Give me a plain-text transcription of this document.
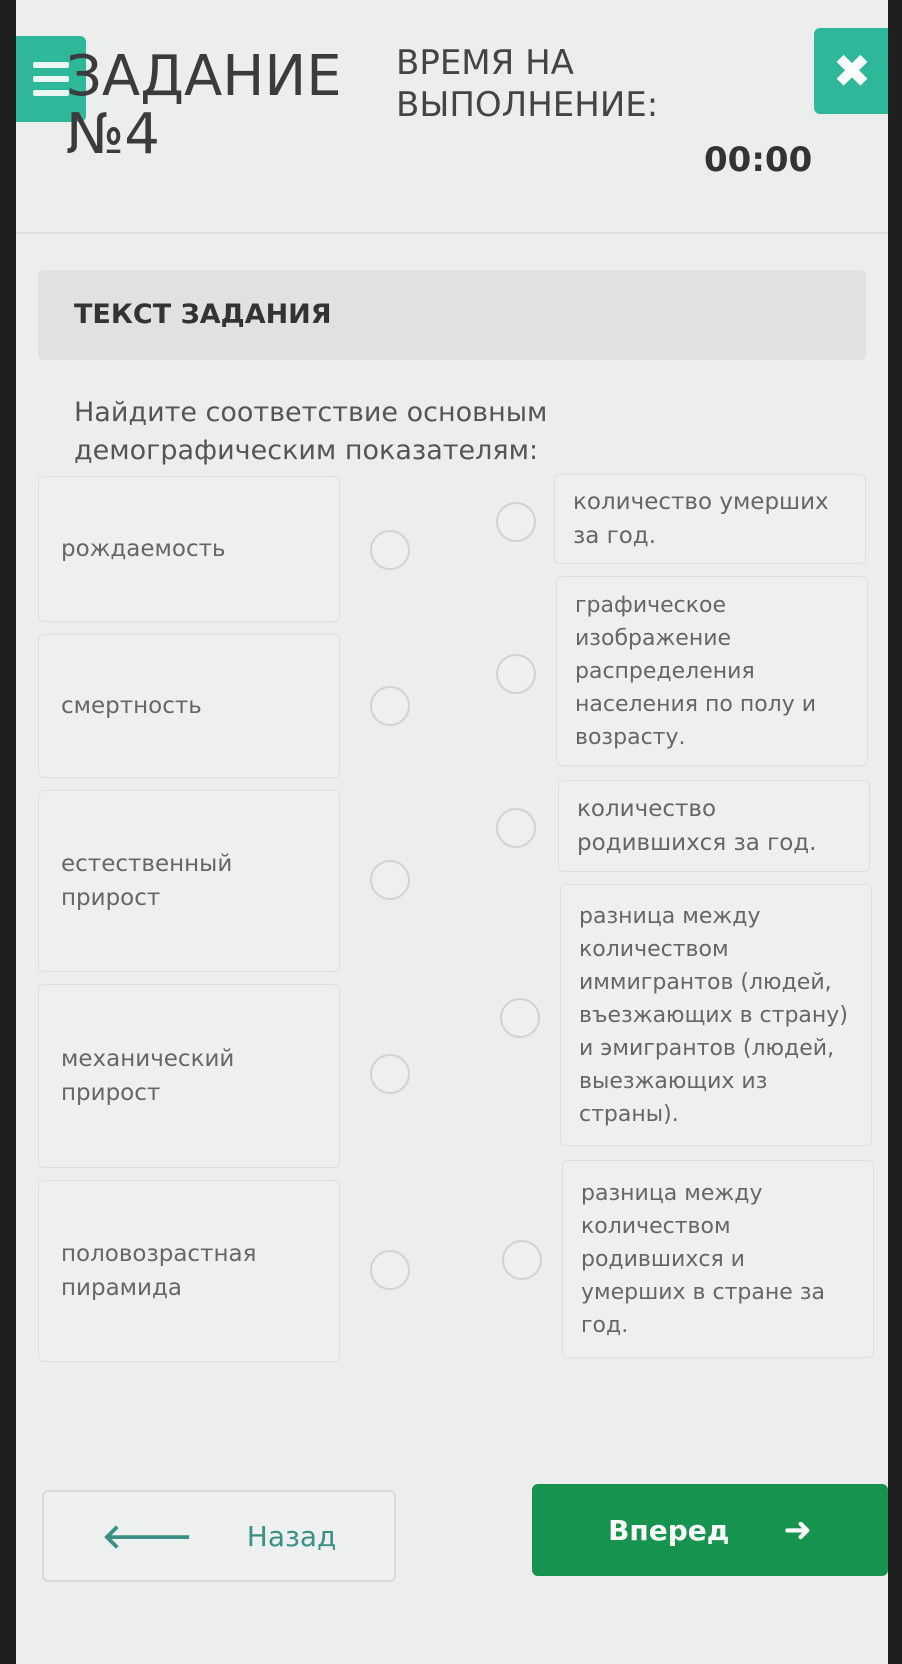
ЗАДАНИЕ
№4
ВРЕМЯ НА
ВЫПОЛНЕНИЕ:
00:00
✖
ТЕКСТ ЗАДАНИЯ
Найдите соответствие основным демографическим показателям:
рождаемость
смертность
естественный прирост
механический прирост
половозрастная пирамида
количество умерших за год.
графическое изображение распределения населения по полу и возрасту.
количество родившихся за год.
разница между количеством иммигрантов (людей, въезжающих в страну) и эмигрантов (людей, выезжающих из страны).
разница между количеством родившихся и умерших в стране за год.
🡐 Назад	Вперед ➜
